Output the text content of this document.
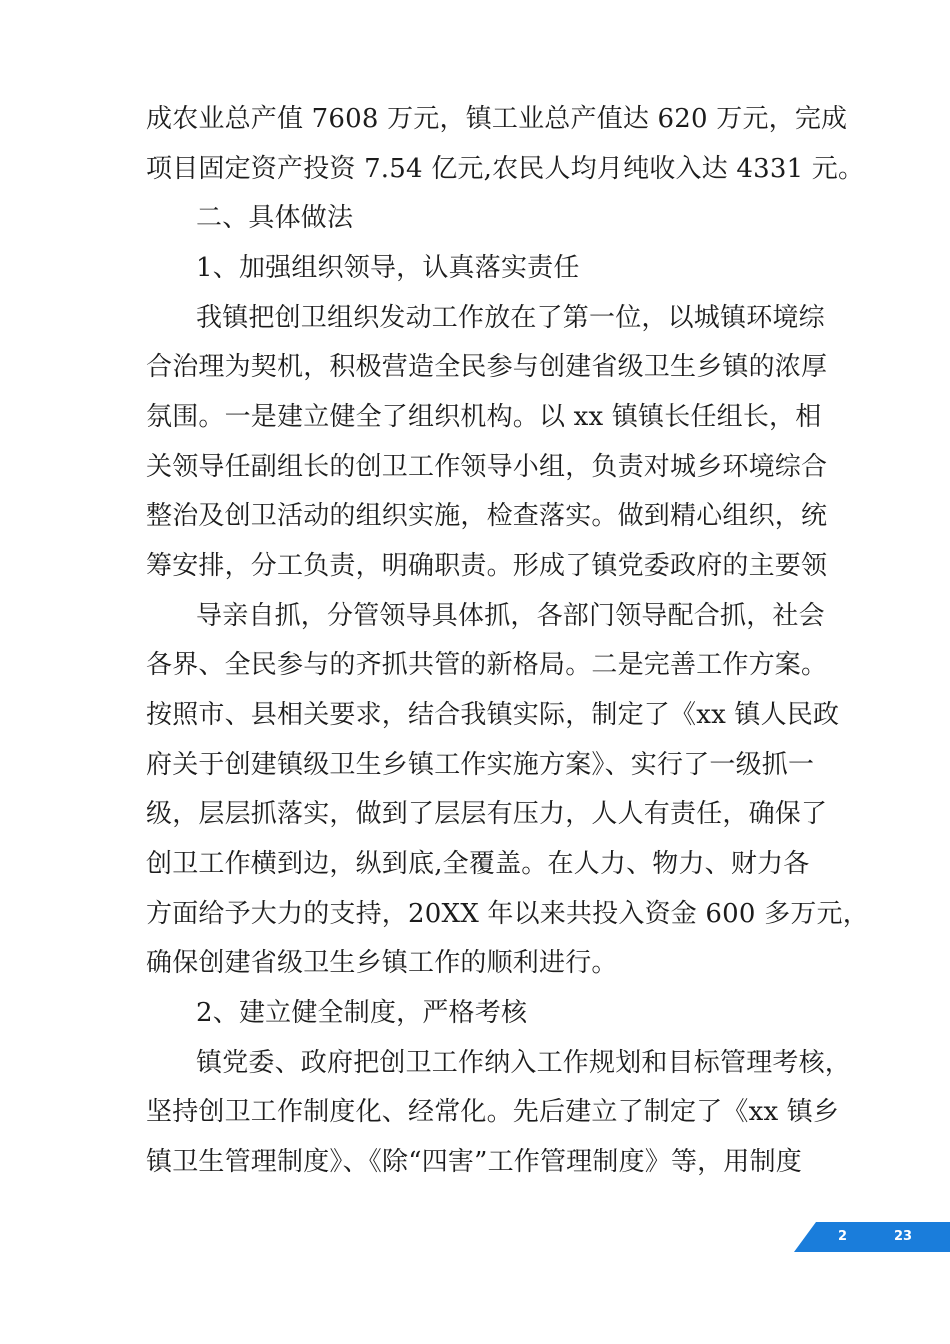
成农业总产值 7608 万元，镇工业总产值达 620 万元，完成
项目固定资产投资 7.54 亿元,农民人均月纯收入达 4331 元。
二、具体做法
1、加强组织领导，认真落实责任
我镇把创卫组织发动工作放在了第一位，以城镇环境综
合治理为契机，积极营造全民参与创建省级卫生乡镇的浓厚
氛围。一是建立健全了组织机构。以 xx 镇镇长任组长，相
关领导任副组长的创卫工作领导小组，负责对城乡环境综合
整治及创卫活动的组织实施，检查落实。做到精心组织，统
筹安排，分工负责，明确职责。形成了镇党委政府的主要领
导亲自抓，分管领导具体抓，各部门领导配合抓，社会
各界、全民参与的齐抓共管的新格局。二是完善工作方案。
按照市、县相关要求，结合我镇实际，制定了《xx 镇人民政
府关于创建镇级卫生乡镇工作实施方案》、实行了一级抓一
级，层层抓落实，做到了层层有压力，人人有责任，确保了
创卫工作横到边，纵到底,全覆盖。在人力、物力、财力各
方面给予大力的支持，20XX 年以来共投入资金 600 多万元，
确保创建省级卫生乡镇工作的顺利进行。
2、建立健全制度，严格考核
镇党委、政府把创卫工作纳入工作规划和目标管理考核，
坚持创卫工作制度化、经常化。先后建立了制定了《xx 镇乡
镇卫生管理制度》、《除“四害”工作管理制度》等，用制度
2	23
